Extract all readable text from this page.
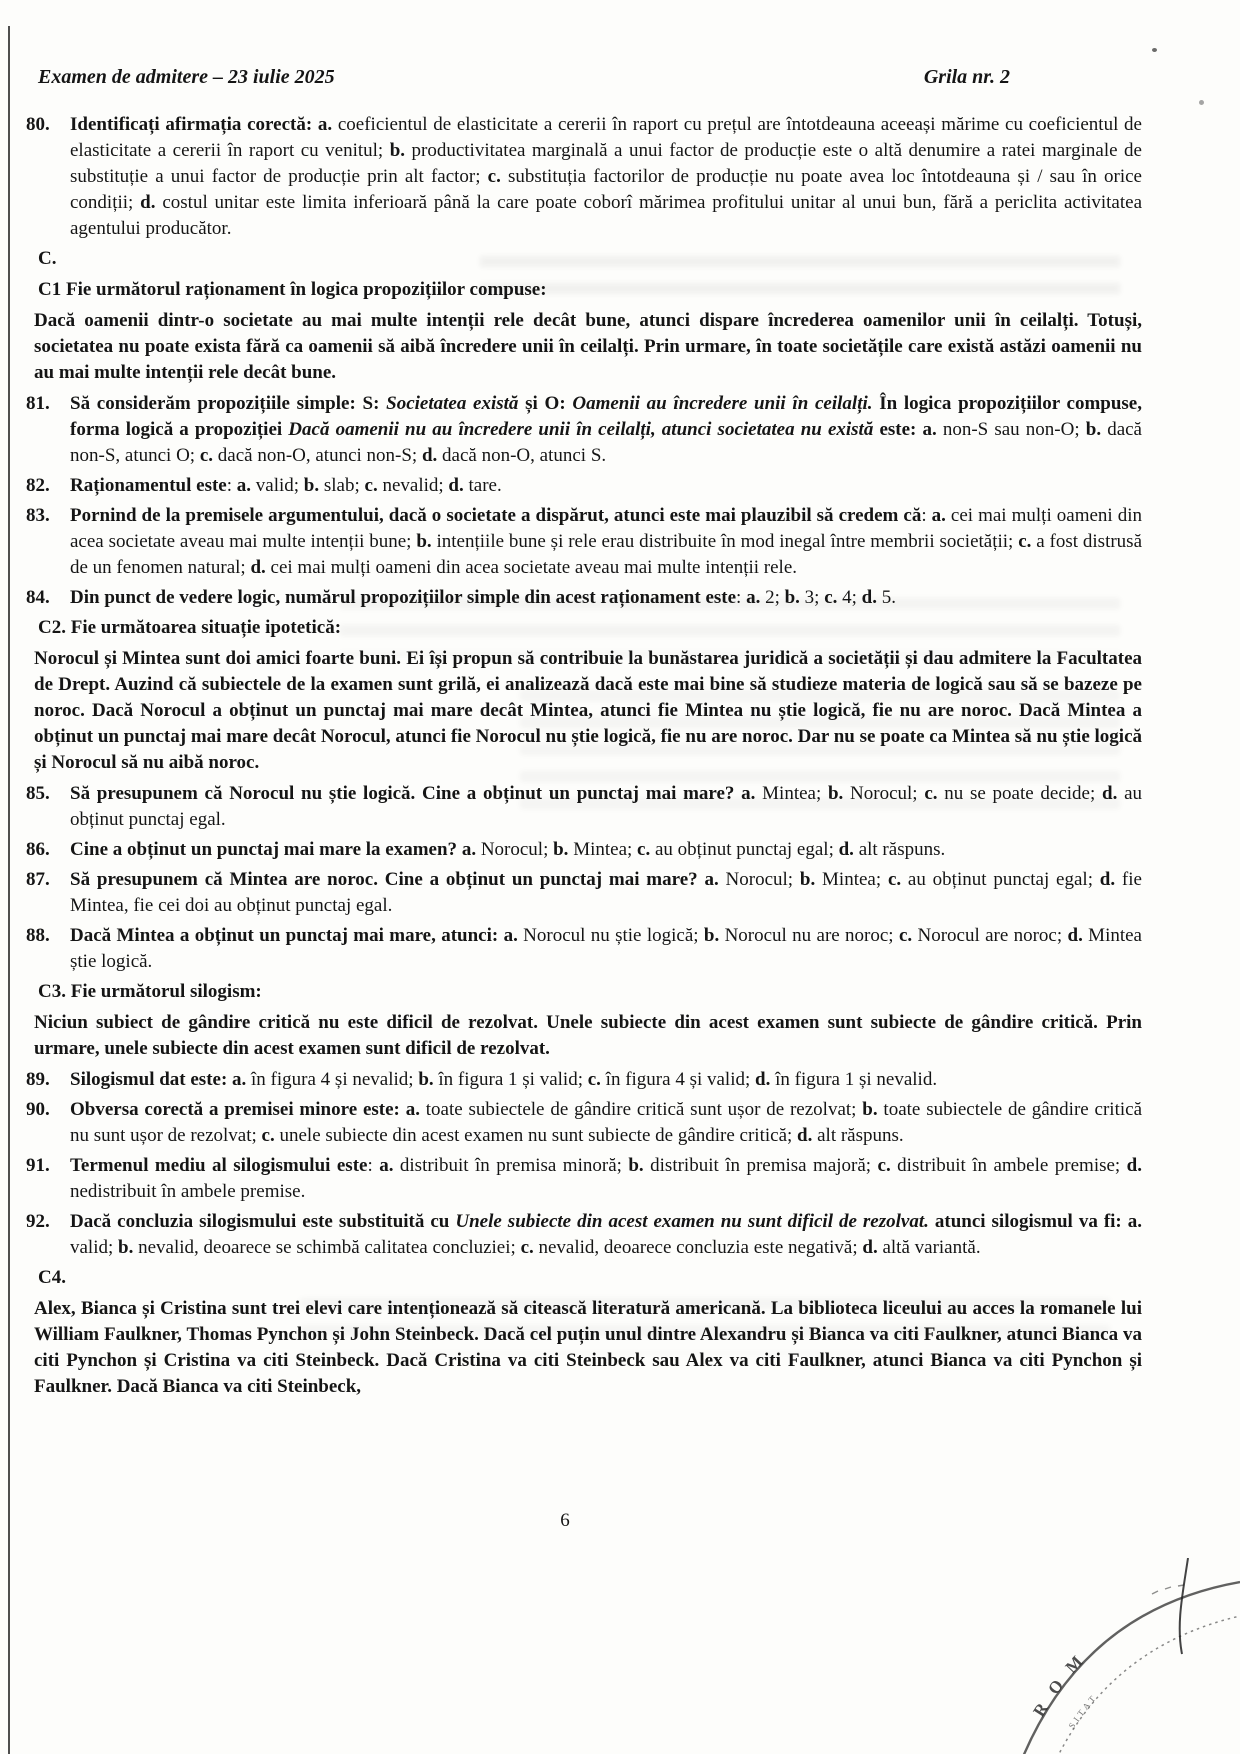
Examen de admitere – 23 iulie 2025	Grila nr. 2
80.	Identificați afirmația corectă: a. coeficientul de elasticitate a cererii în raport cu prețul are întotdeauna aceeași mărime cu coeficientul de elasticitate a cererii în raport cu venitul; b. productivitatea marginală a unui factor de producție este o altă denumire a ratei marginale de substituție a unui factor de producție prin alt factor; c. substituția factorilor de producție nu poate avea loc întotdeauna și / sau în orice condiții; d. costul unitar este limita inferioară până la care poate coborî mărimea profitului unitar al unui bun, fără a periclita activitatea agentului producător.
C.
C1 Fie următorul raționament în logica propozițiilor compuse:
Dacă oamenii dintr-o societate au mai multe intenții rele decât bune, atunci dispare încrederea oamenilor unii în ceilalți. Totuși, societatea nu poate exista fără ca oamenii să aibă încredere unii în ceilalți. Prin urmare, în toate societățile care există astăzi oamenii nu au mai multe intenții rele decât bune.
81.	Să considerăm propozițiile simple: S: Societatea există și O: Oamenii au încredere unii în ceilalți. În logica propozițiilor compuse, forma logică a propoziției Dacă oamenii nu au încredere unii în ceilalți, atunci societatea nu există este: a. non-S sau non-O; b. dacă non-S, atunci O; c. dacă non-O, atunci non-S; d. dacă non-O, atunci S.
82.	Raționamentul este: a. valid; b. slab; c. nevalid; d. tare.
83.	Pornind de la premisele argumentului, dacă o societate a dispărut, atunci este mai plauzibil să credem că: a. cei mai mulți oameni din acea societate aveau mai multe intenții bune; b. intențiile bune și rele erau distribuite în mod inegal între membrii societății; c. a fost distrusă de un fenomen natural; d. cei mai mulți oameni din acea societate aveau mai multe intenții rele.
84.	Din punct de vedere logic, numărul propozițiilor simple din acest raționament este: a. 2; b. 3; c. 4; d. 5.
C2. Fie următoarea situație ipotetică:
Norocul și Mintea sunt doi amici foarte buni. Ei își propun să contribuie la bunăstarea juridică a societății și dau admitere la Facultatea de Drept. Auzind că subiectele de la examen sunt grilă, ei analizează dacă este mai bine să studieze materia de logică sau să se bazeze pe noroc. Dacă Norocul a obținut un punctaj mai mare decât Mintea, atunci fie Mintea nu știe logică, fie nu are noroc. Dacă Mintea a obținut un punctaj mai mare decât Norocul, atunci fie Norocul nu știe logică, fie nu are noroc. Dar nu se poate ca Mintea să nu știe logică și Norocul să nu aibă noroc.
85.	Să presupunem că Norocul nu știe logică. Cine a obținut un punctaj mai mare? a. Mintea; b. Norocul; c. nu se poate decide; d. au obținut punctaj egal.
86.	Cine a obținut un punctaj mai mare la examen? a. Norocul; b. Mintea; c. au obținut punctaj egal; d. alt răspuns.
87.	Să presupunem că Mintea are noroc. Cine a obținut un punctaj mai mare? a. Norocul; b. Mintea; c. au obținut punctaj egal; d. fie Mintea, fie cei doi au obținut punctaj egal.
88.	Dacă Mintea a obținut un punctaj mai mare, atunci: a. Norocul nu știe logică; b. Norocul nu are noroc; c. Norocul are noroc; d. Mintea știe logică.
C3. Fie următorul silogism:
Niciun subiect de gândire critică nu este dificil de rezolvat. Unele subiecte din acest examen sunt subiecte de gândire critică. Prin urmare, unele subiecte din acest examen sunt dificil de rezolvat.
89.	Silogismul dat este: a. în figura 4 și nevalid; b. în figura 1 și valid; c. în figura 4 și valid; d. în figura 1 și nevalid.
90.	Obversa corectă a premisei minore este: a. toate subiectele de gândire critică sunt ușor de rezolvat; b. toate subiectele de gândire critică nu sunt ușor de rezolvat; c. unele subiecte din acest examen nu sunt subiecte de gândire critică; d. alt răspuns.
91.	Termenul mediu al silogismului este: a. distribuit în premisa minoră; b. distribuit în premisa majoră; c. distribuit în ambele premise; d. nedistribuit în ambele premise.
92.	Dacă concluzia silogismului este substituită cu Unele subiecte din acest examen nu sunt dificil de rezolvat. atunci silogismul va fi: a. valid; b. nevalid, deoarece se schimbă calitatea concluziei; c. nevalid, deoarece concluzia este negativă; d. altă variantă.
C4.
Alex, Bianca și Cristina sunt trei elevi care intenționează să citească literatură americană. La biblioteca liceului au acces la romanele lui William Faulkner, Thomas Pynchon și John Steinbeck. Dacă cel puțin unul dintre Alexandru și Bianca va citi Faulkner, atunci Bianca va citi Pynchon și Cristina va citi Steinbeck. Dacă Cristina va citi Steinbeck sau Alex va citi Faulkner, atunci Bianca va citi Pynchon și Faulkner. Dacă Bianca va citi Steinbeck,
6
ROM
SITAT
